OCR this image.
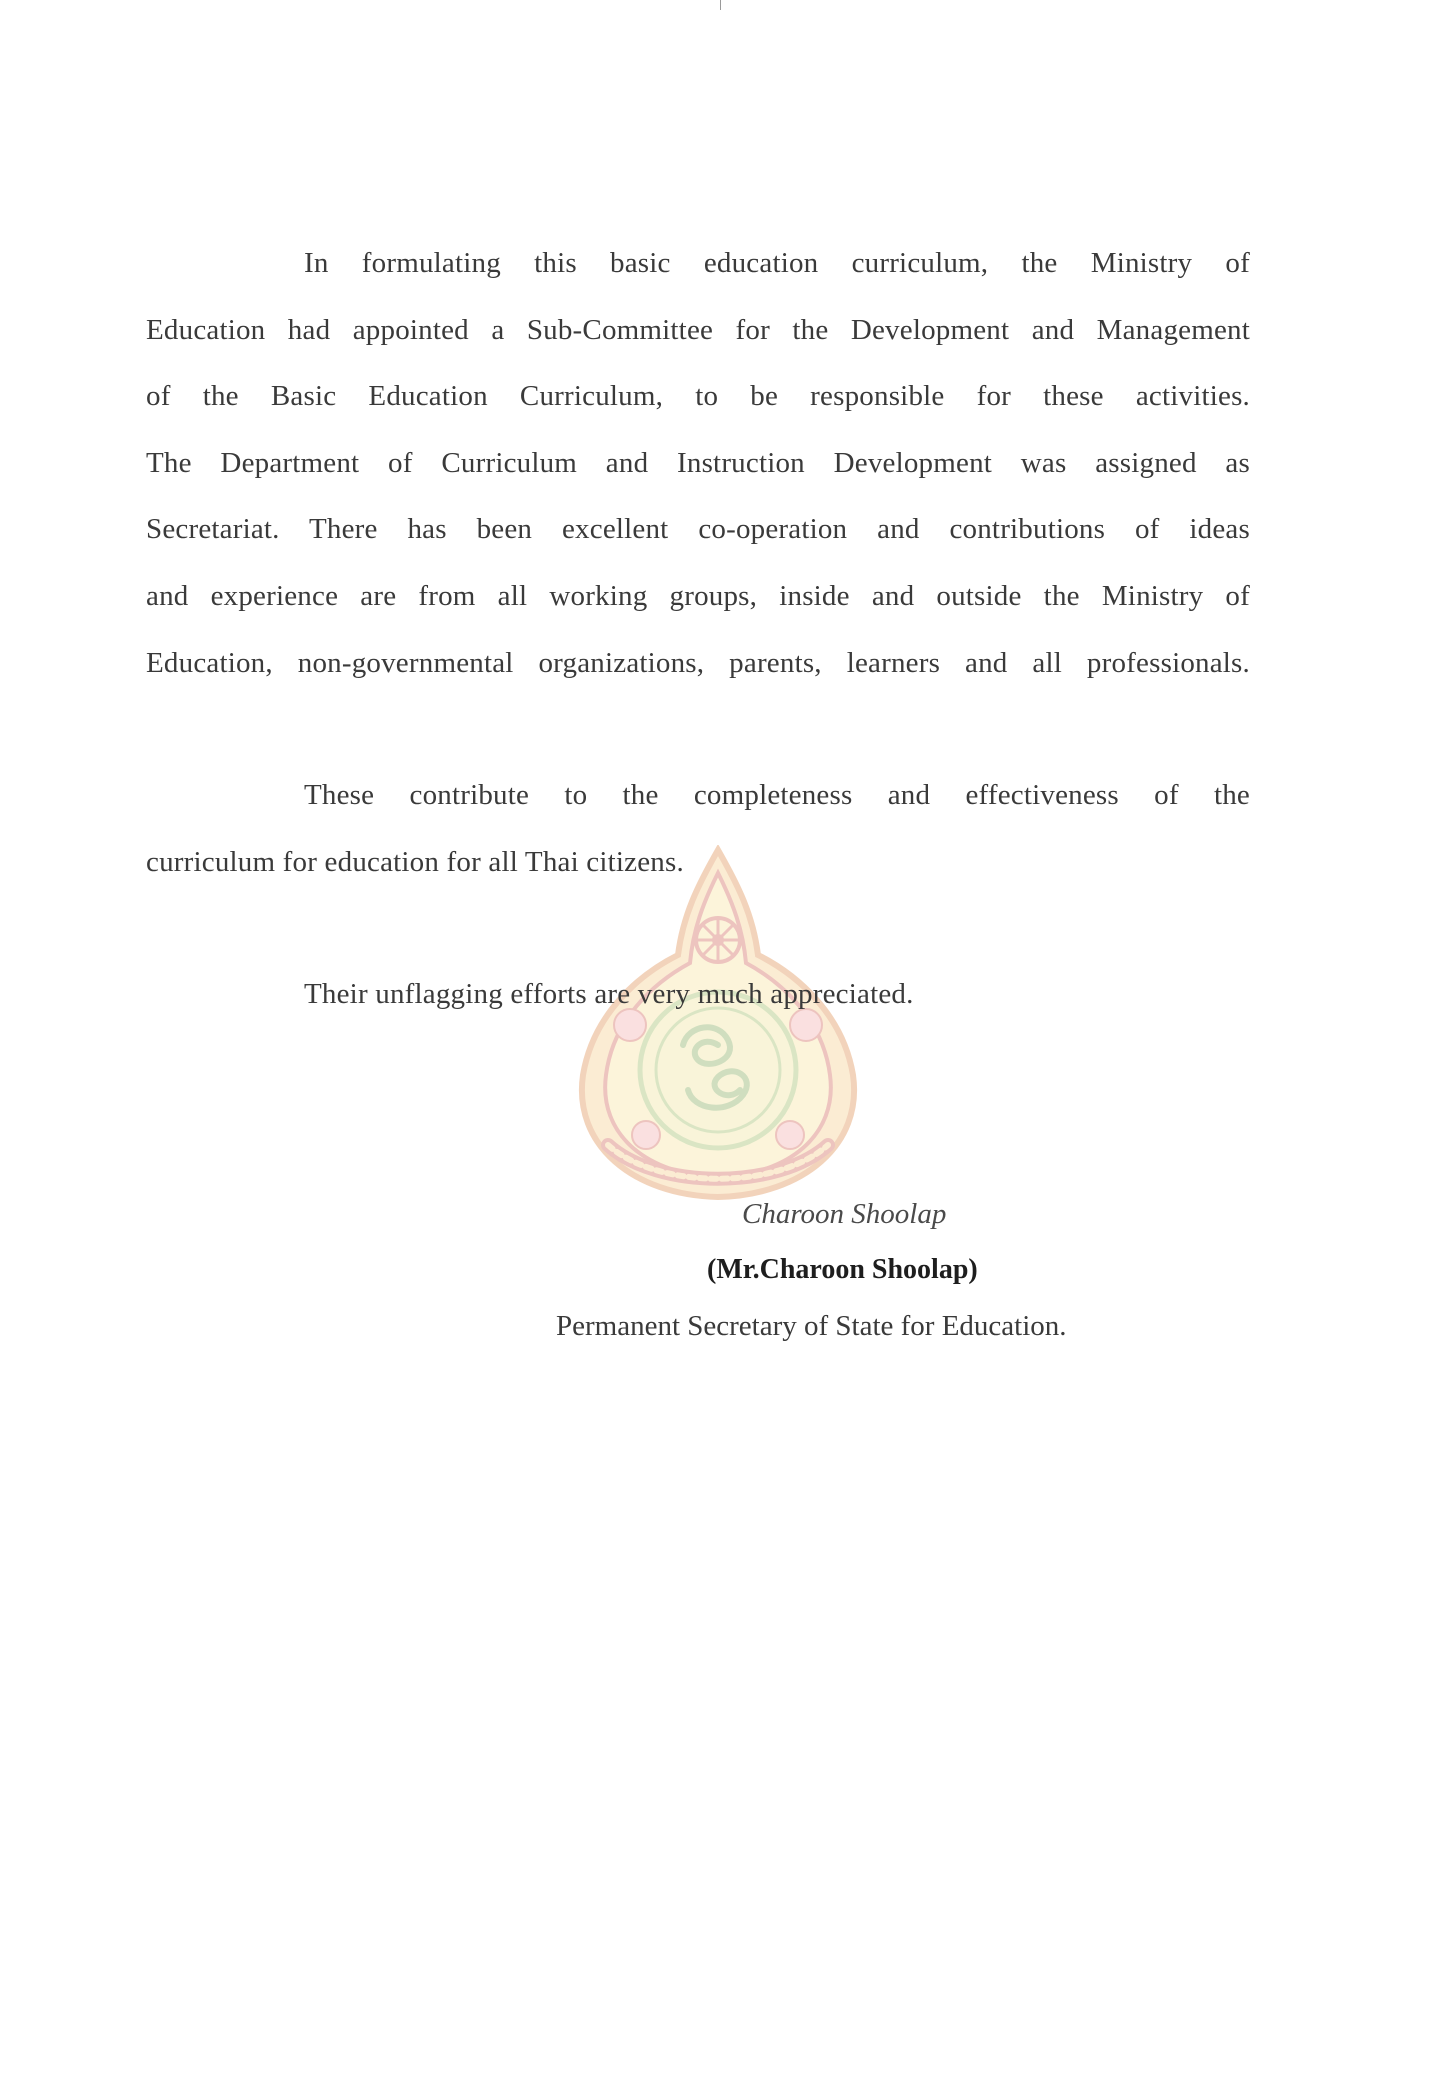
In formulating this basic education curriculum, the Ministry of
Education had appointed a Sub-Committee for the Development and Management
of the Basic Education Curriculum, to be responsible for these activities.
The Department of Curriculum and Instruction Development was assigned as
Secretariat. There has been excellent co-operation and contributions of ideas
and experience are from all working groups, inside and outside the Ministry of
Education, non-governmental organizations, parents, learners and all professionals.

These contribute to the completeness and effectiveness of the
curriculum for education for all Thai citizens.

Their unflagging efforts are very much appreciated.

Charoon Shoolap
(Mr.Charoon Shoolap)
Permanent Secretary of State for Education.
